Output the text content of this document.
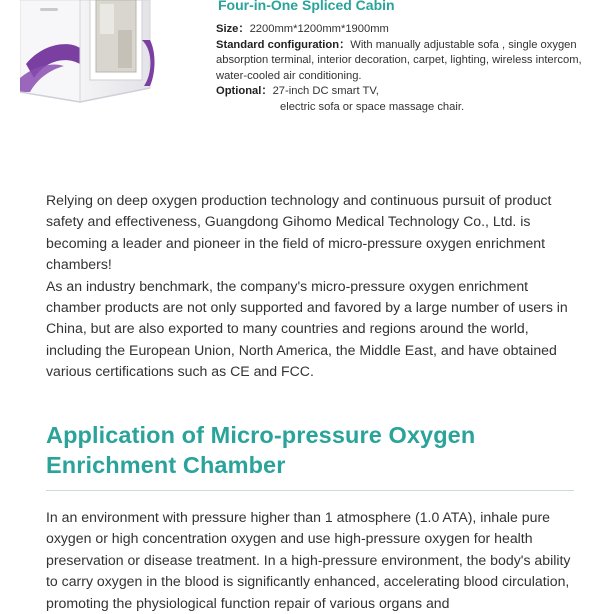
Four-in-One Spliced Cabin

Size：2200mm*1200mm*1900mm

Standard configuration：With manually adjustable sofa , single oxygen absorption terminal, interior decoration, carpet, lighting, wireless intercom, water-cooled air conditioning.

Optional：27-inch DC smart TV,
electric sofa or space massage chair.

Relying on deep oxygen production technology and continuous pursuit of product safety and effectiveness, Guangdong Gihomo Medical Technology Co., Ltd. is becoming a leader and pioneer in the field of micro-pressure oxygen enrichment chambers!

As an industry benchmark, the company's micro-pressure oxygen enrichment chamber products are not only supported and favored by a large number of users in China, but are also exported to many countries and regions around the world, including the European Union, North America, the Middle East, and have obtained various certifications such as CE and FCC.

Application of Micro-pressure Oxygen Enrichment Chamber

In an environment with pressure higher than 1 atmosphere (1.0 ATA), inhale pure oxygen or high concentration oxygen and use high-pressure oxygen for health preservation or disease treatment. In a high-pressure environment, the body's ability to carry oxygen in the blood is significantly enhanced, accelerating blood circulation, promoting the physiological function repair of various organs and
